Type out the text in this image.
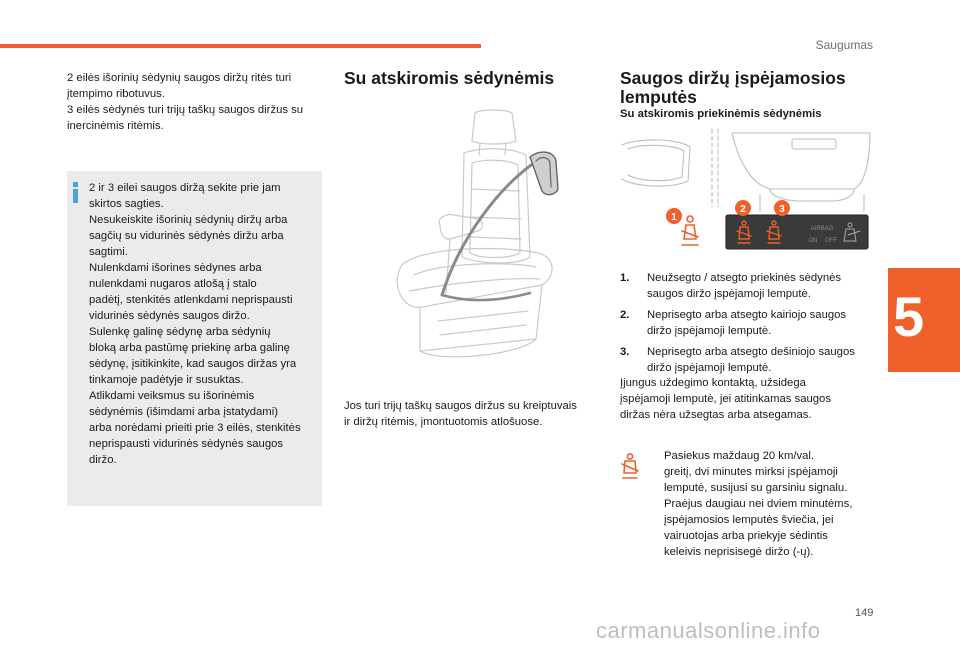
Saugumas
5

2 eilės išorinių sėdynių saugos diržų ritės turi

įtempimo ribotuvus.

3 eilės sėdynės turi trijų taškų saugos diržus su

inercinėmis ritėmis.

2 ir 3 eilei saugos diržą sekite prie jam

skirtos sagties.

Nesukeiskite išorinių sėdynių diržų arba

sagčių su vidurinės sėdynės diržu arba

sagtimi.

Nulenkdami išorines sėdynes arba

nulenkdami nugaros atlošą į stalo

padėtį, stenkitės atlenkdami neprispausti

vidurinės sėdynės saugos diržo.

Sulenkę galinę sėdynę arba sėdynių

bloką arba pastūmę priekinę arba galinę

sėdynę, įsitikinkite, kad saugos diržas yra

tinkamoje padėtyje ir susuktas.

Atlikdami veiksmus su išorinėmis

sėdynėmis (išimdami arba įstatydami)

arba norėdami prieiti prie 3 eilės, stenkitės

neprispausti vidurinės sėdynės saugos

diržo.

Su atskiromis sėdynėmis

Jos turi trijų taškų saugos diržus su kreiptuvais

ir diržų ritėmis, įmontuotomis atlošuose.

Saugos diržų įspėjamosios
lemputės
Su atskiromis priekinėmis sėdynėmis
1
2	3
AIRBAG
ON OFF
1.	Neužsegto / atsegto priekinės sėdynės

saugos diržo įspėjamoji lemputė.

2.	Neprisegto arba atsegto kairiojo saugos

diržo įspėjamoji lemputė.

3.	Neprisegto arba atsegto dešiniojo saugos

diržo įspėjamoji lemputė.

Įjungus uždegimo kontaktą, užsidega

įspėjamoji lemputė, jei atitinkamas saugos

diržas nėra užsegtas arba atsegamas.

Pasiekus maždaug 20 km/val.

greitį, dvi minutes mirksi įspėjamoji

lemputė, susijusi su garsiniu signalu.

Praėjus daugiau nei dviem minutėms,

įspėjamosios lemputės šviečia, jei

vairuotojas arba priekyje sėdintis

keleivis neprisisegė diržo (-ų).

149
carmanualsonline.info
